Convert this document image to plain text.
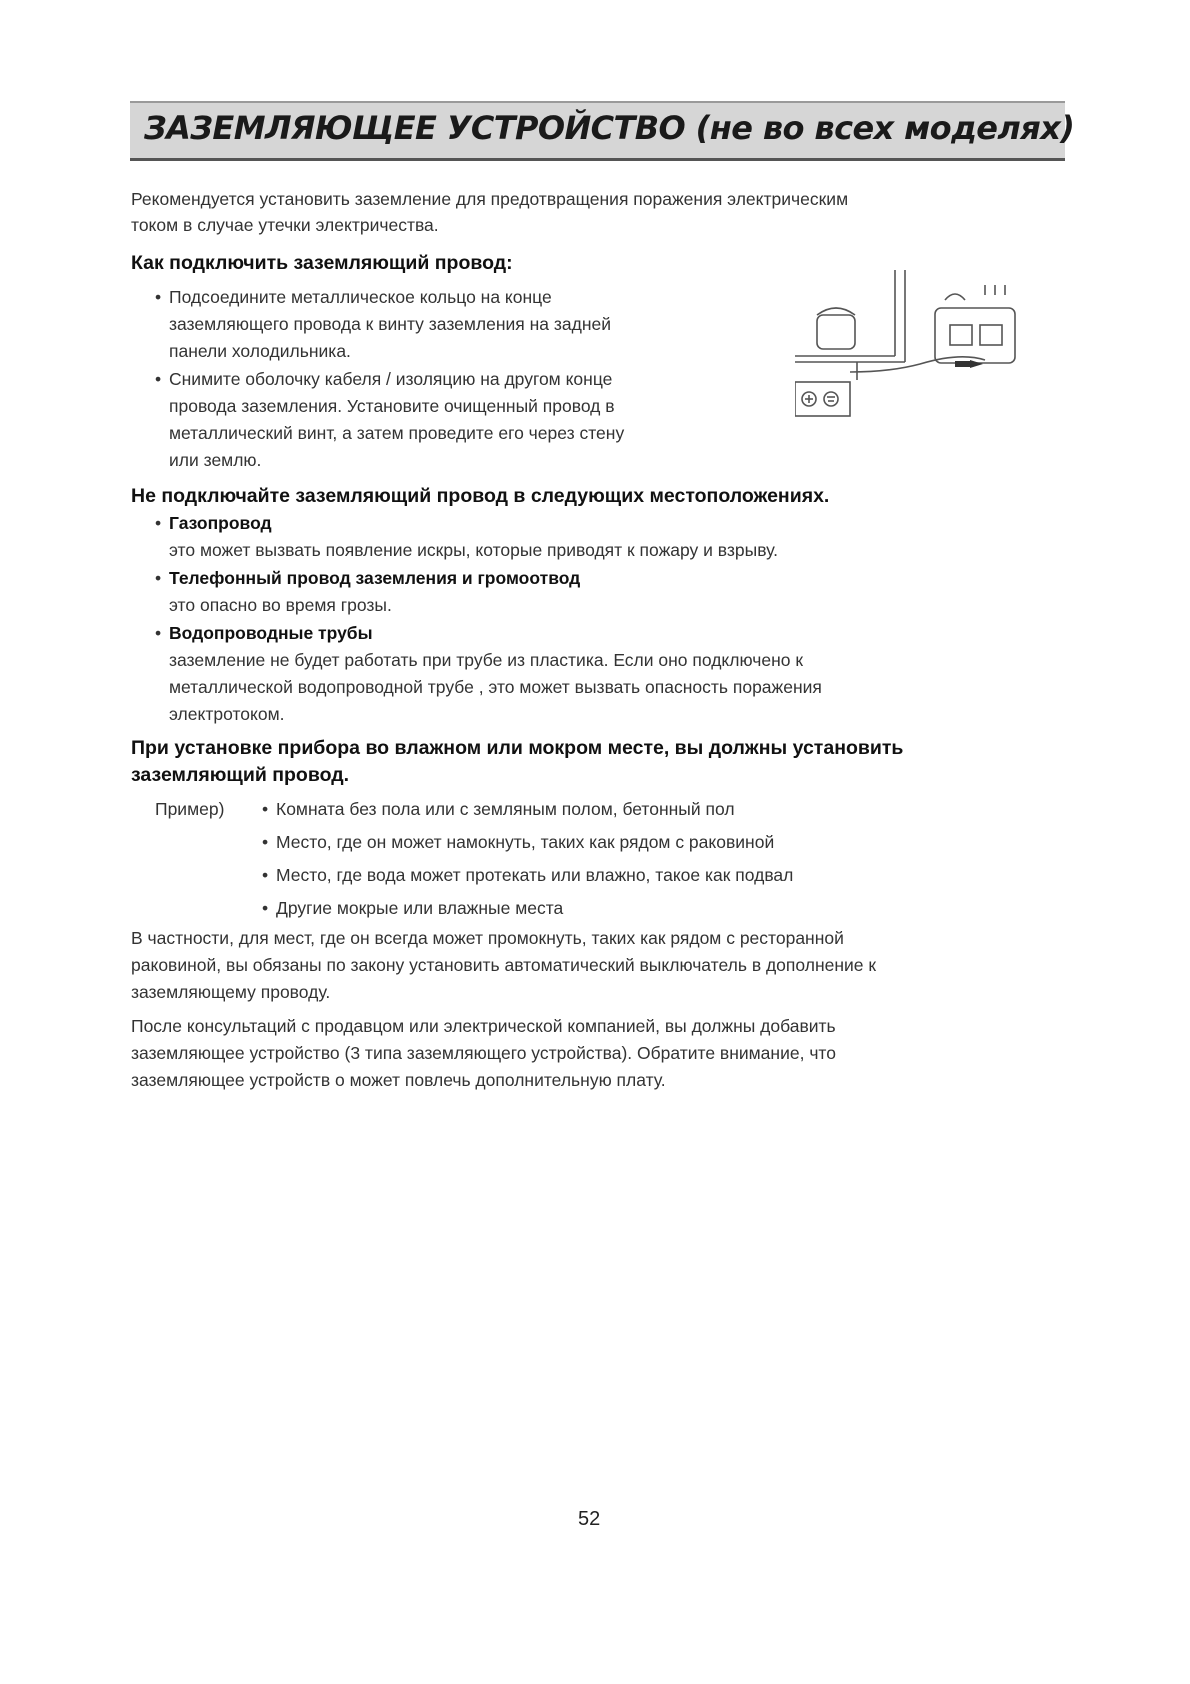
ЗАЗЕМЛЯЮЩЕЕ УСТРОЙСТВО (не во всех моделях)
Рекомендуется установить заземление для предотвращения поражения электрическим
током в случае утечки электричества.
Как подключить заземляющий провод:
• Подсоедините металлическое кольцо на конце
заземляющего провода к винту заземления на задней
панели холодильника.
• Снимите оболочку кабеля / изоляцию на другом конце
провода заземления. Установите очищенный провод в
металлический винт, а затем проведите его через стену
или землю.
Не подключайте заземляющий провод в следующих местоположениях.
• Газопровод
это может вызвать появление искры, которые приводят к пожару и взрыву.
• Телефонный провод заземления и громоотвод
это опасно во время грозы.
• Водопроводные трубы
заземление не будет работать при трубе из пластика. Если оно подключено к
металлической водопроводной трубе , это может вызвать опасность поражения
электротоком.
При установке прибора во влажном или мокром месте, вы должны установить
заземляющий провод.
Пример) • Комната без пола или с земляным полом, бетонный пол
• Место, где он может намокнуть, таких как рядом с раковиной
• Место, где вода может протекать или влажно, такое как подвал
• Другие мокрые или влажные места
В частности, для мест, где он всегда может промокнуть, таких как рядом с ресторанной
раковиной, вы обязаны по закону установить автоматический выключатель в дополнение к
заземляющему проводу.
После консультаций с продавцом или электрической компанией, вы должны добавить
заземляющее устройство (3 типа заземляющего устройства). Обратите внимание, что
заземляющее устройств о может повлечь дополнительную плату.
52
